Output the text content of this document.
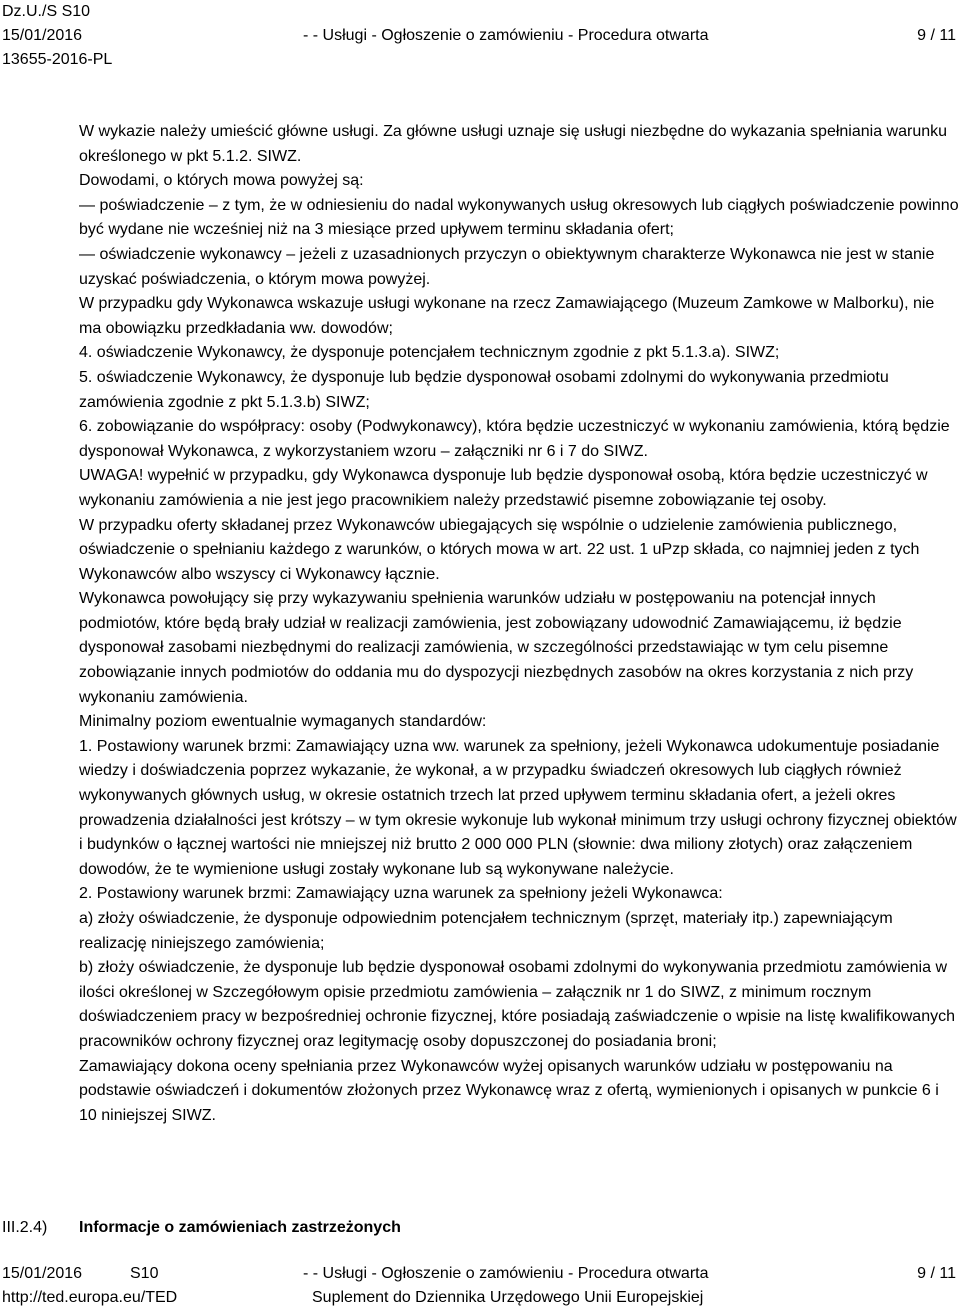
Dz.U./S S10
15/01/2016
13655-2016-PL
- - Usługi - Ogłoszenie o zamówieniu - Procedura otwarta	9 / 11

W wykazie należy umieścić główne usługi. Za główne usługi uznaje się usługi niezbędne do wykazania spełniania warunku określonego w pkt 5.1.2. SIWZ.

Dowodami, o których mowa powyżej są:

— poświadczenie – z tym, że w odniesieniu do nadal wykonywanych usług okresowych lub ciągłych poświadczenie powinno być wydane nie wcześniej niż na 3 miesiące przed upływem terminu składania ofert;

— oświadczenie wykonawcy – jeżeli z uzasadnionych przyczyn o obiektywnym charakterze Wykonawca nie jest w stanie uzyskać poświadczenia, o którym mowa powyżej.

W przypadku gdy Wykonawca wskazuje usługi wykonane na rzecz Zamawiającego (Muzeum Zamkowe w Malborku), nie ma obowiązku przedkładania ww. dowodów;

4. oświadczenie Wykonawcy, że dysponuje potencjałem technicznym zgodnie z pkt 5.1.3.a). SIWZ;

5. oświadczenie Wykonawcy, że dysponuje lub będzie dysponował osobami zdolnymi do wykonywania przedmiotu zamówienia zgodnie z pkt 5.1.3.b) SIWZ;

6. zobowiązanie do współpracy: osoby (Podwykonawcy), która będzie uczestniczyć w wykonaniu zamówienia, którą będzie dysponował Wykonawca, z wykorzystaniem wzoru – załączniki nr 6 i 7 do SIWZ.

UWAGA! wypełnić w przypadku, gdy Wykonawca dysponuje lub będzie dysponował osobą, która będzie uczestniczyć w wykonaniu zamówienia a nie jest jego pracownikiem należy przedstawić pisemne zobowiązanie tej osoby.

W przypadku oferty składanej przez Wykonawców ubiegających się wspólnie o udzielenie zamówienia publicznego, oświadczenie o spełnianiu każdego z warunków, o których mowa w art. 22 ust. 1 uPzp składa, co najmniej jeden z tych Wykonawców albo wszyscy ci Wykonawcy łącznie.

Wykonawca powołujący się przy wykazywaniu spełnienia warunków udziału w postępowaniu na potencjał innych podmiotów, które będą brały udział w realizacji zamówienia, jest zobowiązany udowodnić Zamawiającemu, iż będzie dysponował zasobami niezbędnymi do realizacji zamówienia, w szczególności przedstawiając w tym celu pisemne zobowiązanie innych podmiotów do oddania mu do dyspozycji niezbędnych zasobów na okres korzystania z nich przy wykonaniu zamówienia.

Minimalny poziom ewentualnie wymaganych standardów:

1. Postawiony warunek brzmi: Zamawiający uzna ww. warunek za spełniony, jeżeli Wykonawca udokumentuje posiadanie wiedzy i doświadczenia poprzez wykazanie, że wykonał, a w przypadku świadczeń okresowych lub ciągłych również wykonywanych głównych usług, w okresie ostatnich trzech lat przed upływem terminu składania ofert, a jeżeli okres prowadzenia działalności jest krótszy – w tym okresie wykonuje lub wykonał minimum trzy usługi ochrony fizycznej obiektów i budynków o łącznej wartości nie mniejszej niż brutto 2 000 000 PLN (słownie: dwa miliony złotych) oraz załączeniem dowodów, że te wymienione usługi zostały wykonane lub są wykonywane należycie.

2. Postawiony warunek brzmi: Zamawiający uzna warunek za spełniony jeżeli Wykonawca:

a) złoży oświadczenie, że dysponuje odpowiednim potencjałem technicznym (sprzęt, materiały itp.) zapewniającym realizację niniejszego zamówienia;

b) złoży oświadczenie, że dysponuje lub będzie dysponował osobami zdolnymi do wykonywania przedmiotu zamówienia w ilości określonej w Szczegółowym opisie przedmiotu zamówienia – załącznik nr 1 do SIWZ, z minimum rocznym doświadczeniem pracy w bezpośredniej ochronie fizycznej, które posiadają zaświadczenie o wpisie na listę kwalifikowanych pracowników ochrony fizycznej oraz legitymację osoby dopuszczonej do posiadania broni;

Zamawiający dokona oceny spełniania przez Wykonawców wyżej opisanych warunków udziału w postępowaniu na podstawie oświadczeń i dokumentów złożonych przez Wykonawcę wraz z ofertą, wymienionych i opisanych w punkcie 6 i 10 niniejszej SIWZ.

III.2.4) Informacje o zamówieniach zastrzeżonych
15/01/2016	S10
http://ted.europa.eu/TED
- - Usługi - Ogłoszenie o zamówieniu - Procedura otwarta
Suplement do Dziennika Urzędowego Unii Europejskiej
9 / 11
